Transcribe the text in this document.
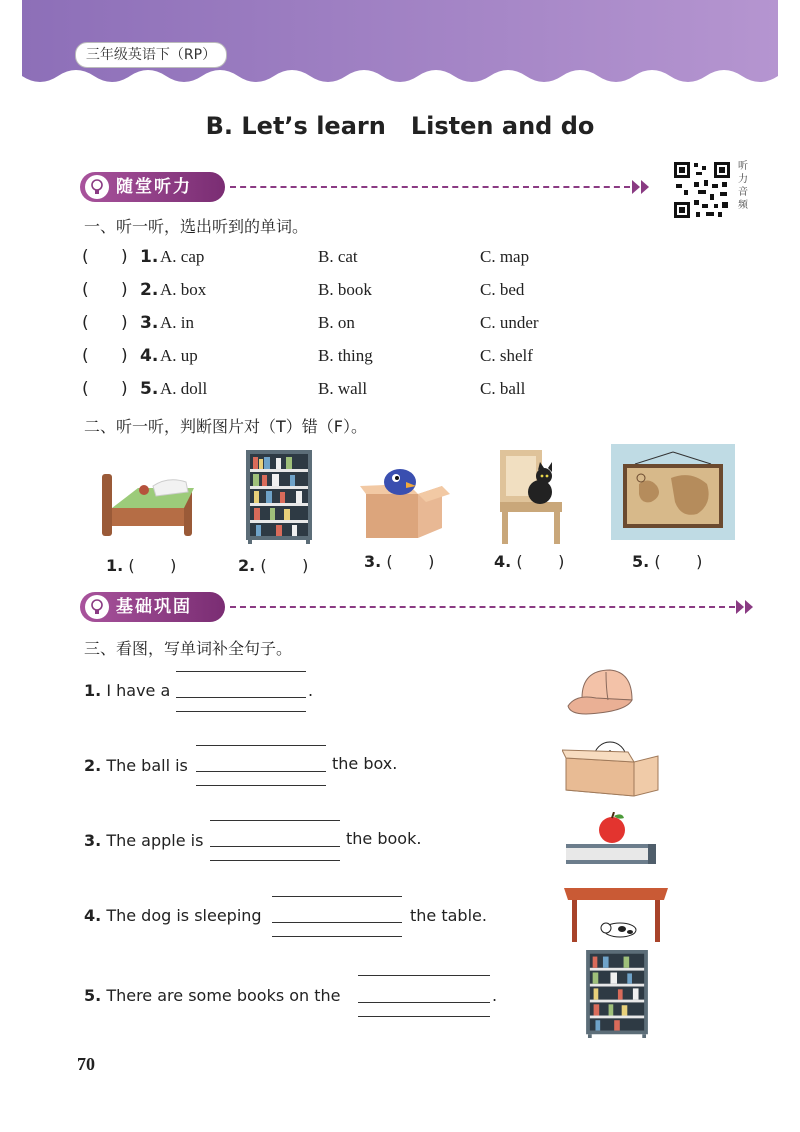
三年级英语下（RP）
B. Let’s learn   Listen and do
随堂听力
听力音频
一、听一听，选出听到的单词。
(      ) 1. A. cap	B. cat	C. map
(      ) 2. A. box	B. book	C. bed
(      ) 3. A. in	B. on	C. under
(      ) 4. A. up	B. thing	C. shelf
(      ) 5. A. doll	B. wall	C. ball
二、听一听，判断图片对（T）错（F）。
1. (       )	2. (       )	3. (       )	4. (       )	5. (       )
基础巩固
三、看图，写单词补全句子。
1. I have a	.
2. The ball is	the box.
3. The apple is	the book.
4. The dog is sleeping	the table.
5. There are some books on the	.
70
